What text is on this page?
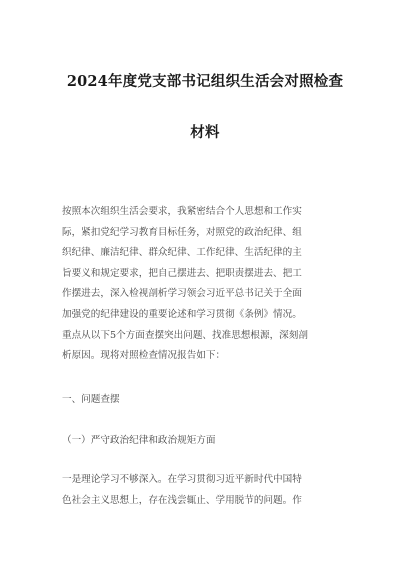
2024年度党支部书记组织生活会对照检查
材料
按照本次组织生活会要求，我紧密结合个人思想和工作实
际，紧扣党纪学习教育目标任务，对照党的政治纪律、组
织纪律、廉洁纪律、群众纪律、工作纪律、生活纪律的主
旨要义和规定要求，把自己摆进去、把职责摆进去、把工
作摆进去，深入检视剖析学习领会习近平总书记关于全面
加强党的纪律建设的重要论述和学习贯彻《条例》情况。
重点从以下5个方面查摆突出问题、找准思想根源，深刻剖
析原因。现将对照检查情况报告如下：
一、问题查摆
（一）严守政治纪律和政治规矩方面
一是理论学习不够深入。在学习贯彻习近平新时代中国特
色社会主义思想上，存在浅尝辄止、学用脱节的问题。作
